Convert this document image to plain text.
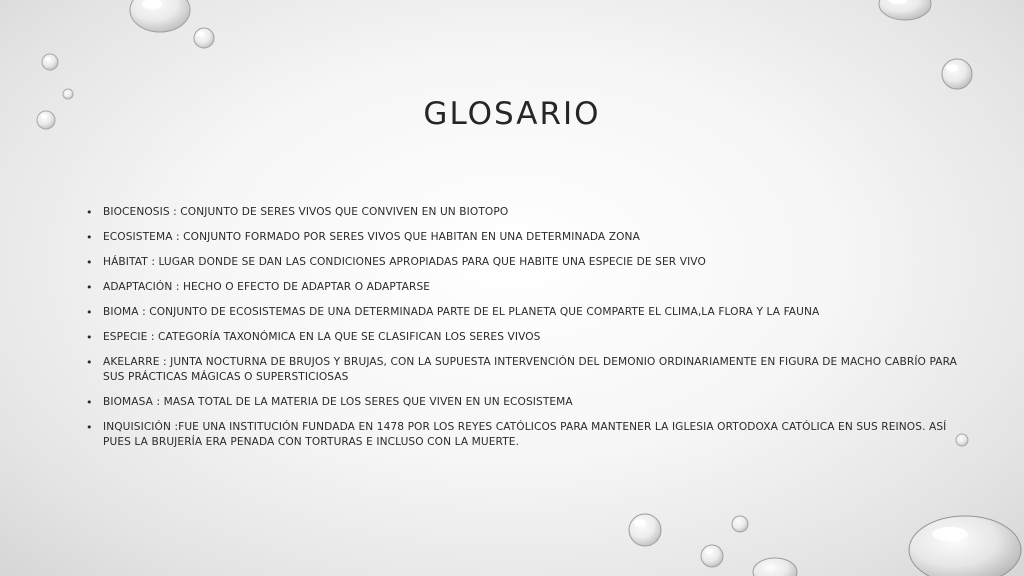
GLOSARIO
• BIOCENOSIS : CONJUNTO DE SERES VIVOS QUE CONVIVEN EN UN BIOTOPO
• ECOSISTEMA : CONJUNTO FORMADO POR SERES VIVOS QUE HABITAN EN UNA DETERMINADA ZONA
• HÁBITAT : LUGAR DONDE SE DAN LAS CONDICIONES APROPIADAS PARA QUE HABITE UNA ESPECIE DE SER VIVO
• ADAPTACIÓN : HECHO O EFECTO DE ADAPTAR O ADAPTARSE
• BIOMA : CONJUNTO DE ECOSISTEMAS DE UNA DETERMINADA PARTE DE EL PLANETA QUE COMPARTE EL CLIMA,LA FLORA Y LA FAUNA
• ESPECIE : CATEGORÍA TAXONÓMICA EN LA QUE SE CLASIFICAN LOS SERES VIVOS
• AKELARRE : JUNTA NOCTURNA DE BRUJOS Y BRUJAS, CON LA SUPUESTA INTERVENCIÓN DEL DEMONIO ORDINARIAMENTE EN FIGURA DE MACHO CABRÍO PARA SUS PRÁCTICAS MÁGICAS O SUPERSTICIOSAS
• BIOMASA : MASA TOTAL DE LA MATERIA DE LOS SERES QUE VIVEN EN UN ECOSISTEMA
• INQUISICIÓN :FUE UNA INSTITUCIÓN FUNDADA EN 1478 POR LOS REYES CATÓLICOS PARA MANTENER LA IGLESIA ORTODOXA CATÓLICA EN SUS REINOS. ASÍ PUES LA BRUJERÍA ERA PENADA CON TORTURAS E INCLUSO CON LA MUERTE.
